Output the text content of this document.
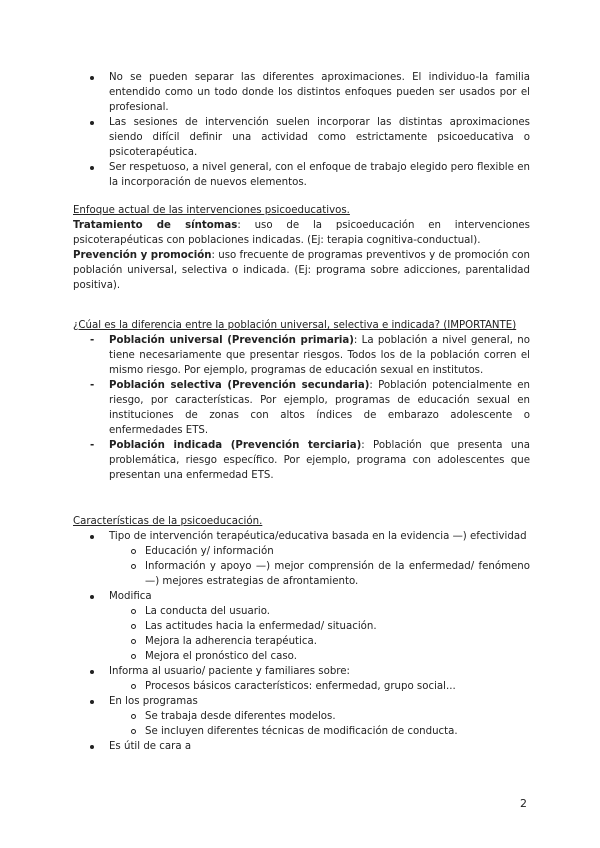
No se pueden separar las diferentes aproximaciones. El individuo-la familia entendido como un todo donde los distintos enfoques pueden ser usados por el profesional.
Las sesiones de intervención suelen incorporar las distintas aproximaciones siendo difícil definir una actividad como estrictamente psicoeducativa o psicoterapéutica.
Ser respetuoso, a nivel general, con el enfoque de trabajo elegido pero flexible en la incorporación de nuevos elementos.

Enfoque actual de las intervenciones psicoeducativos.

Tratamiento de síntomas: uso de la psicoeducación en intervenciones psicoterapéuticas con poblaciones indicadas. (Ej: terapia cognitiva-conductual).

Prevención y promoción: uso frecuente de programas preventivos y de promoción con población universal, selectiva o indicada. (Ej: programa sobre adicciones, parentalidad positiva).

¿Cúal es la diferencia entre la población universal, selectiva e indicada? (IMPORTANTE)

- Población universal (Prevención primaria): La población a nivel general, no tiene necesariamente que presentar riesgos. Todos los de la población corren el mismo riesgo. Por ejemplo, programas de educación sexual en institutos.
- Población selectiva (Prevención secundaria): Población potencialmente en riesgo, por características. Por ejemplo, programas de educación sexual en instituciones de zonas con altos índices de embarazo adolescente o enfermedades ETS.
- Población indicada (Prevención terciaria): Población que presenta una problemática, riesgo específico. Por ejemplo, programa con adolescentes que presentan una enfermedad ETS.

Características de la psicoeducación.

Tipo de intervención terapéutica/educativa basada en la evidencia —) efectividad
Educación y/ información
Información y apoyo —) mejor comprensión de la enfermedad/ fenómeno —) mejores estrategias de afrontamiento.
Modifica
La conducta del usuario.
Las actitudes hacia la enfermedad/ situación.
Mejora la adherencia terapéutica.
Mejora el pronóstico del caso.
Informa al usuario/ paciente y familiares sobre:
Procesos básicos característicos: enfermedad, grupo social...
En los programas
Se trabaja desde diferentes modelos.
Se incluyen diferentes técnicas de modificación de conducta.
Es útil de cara a
2
